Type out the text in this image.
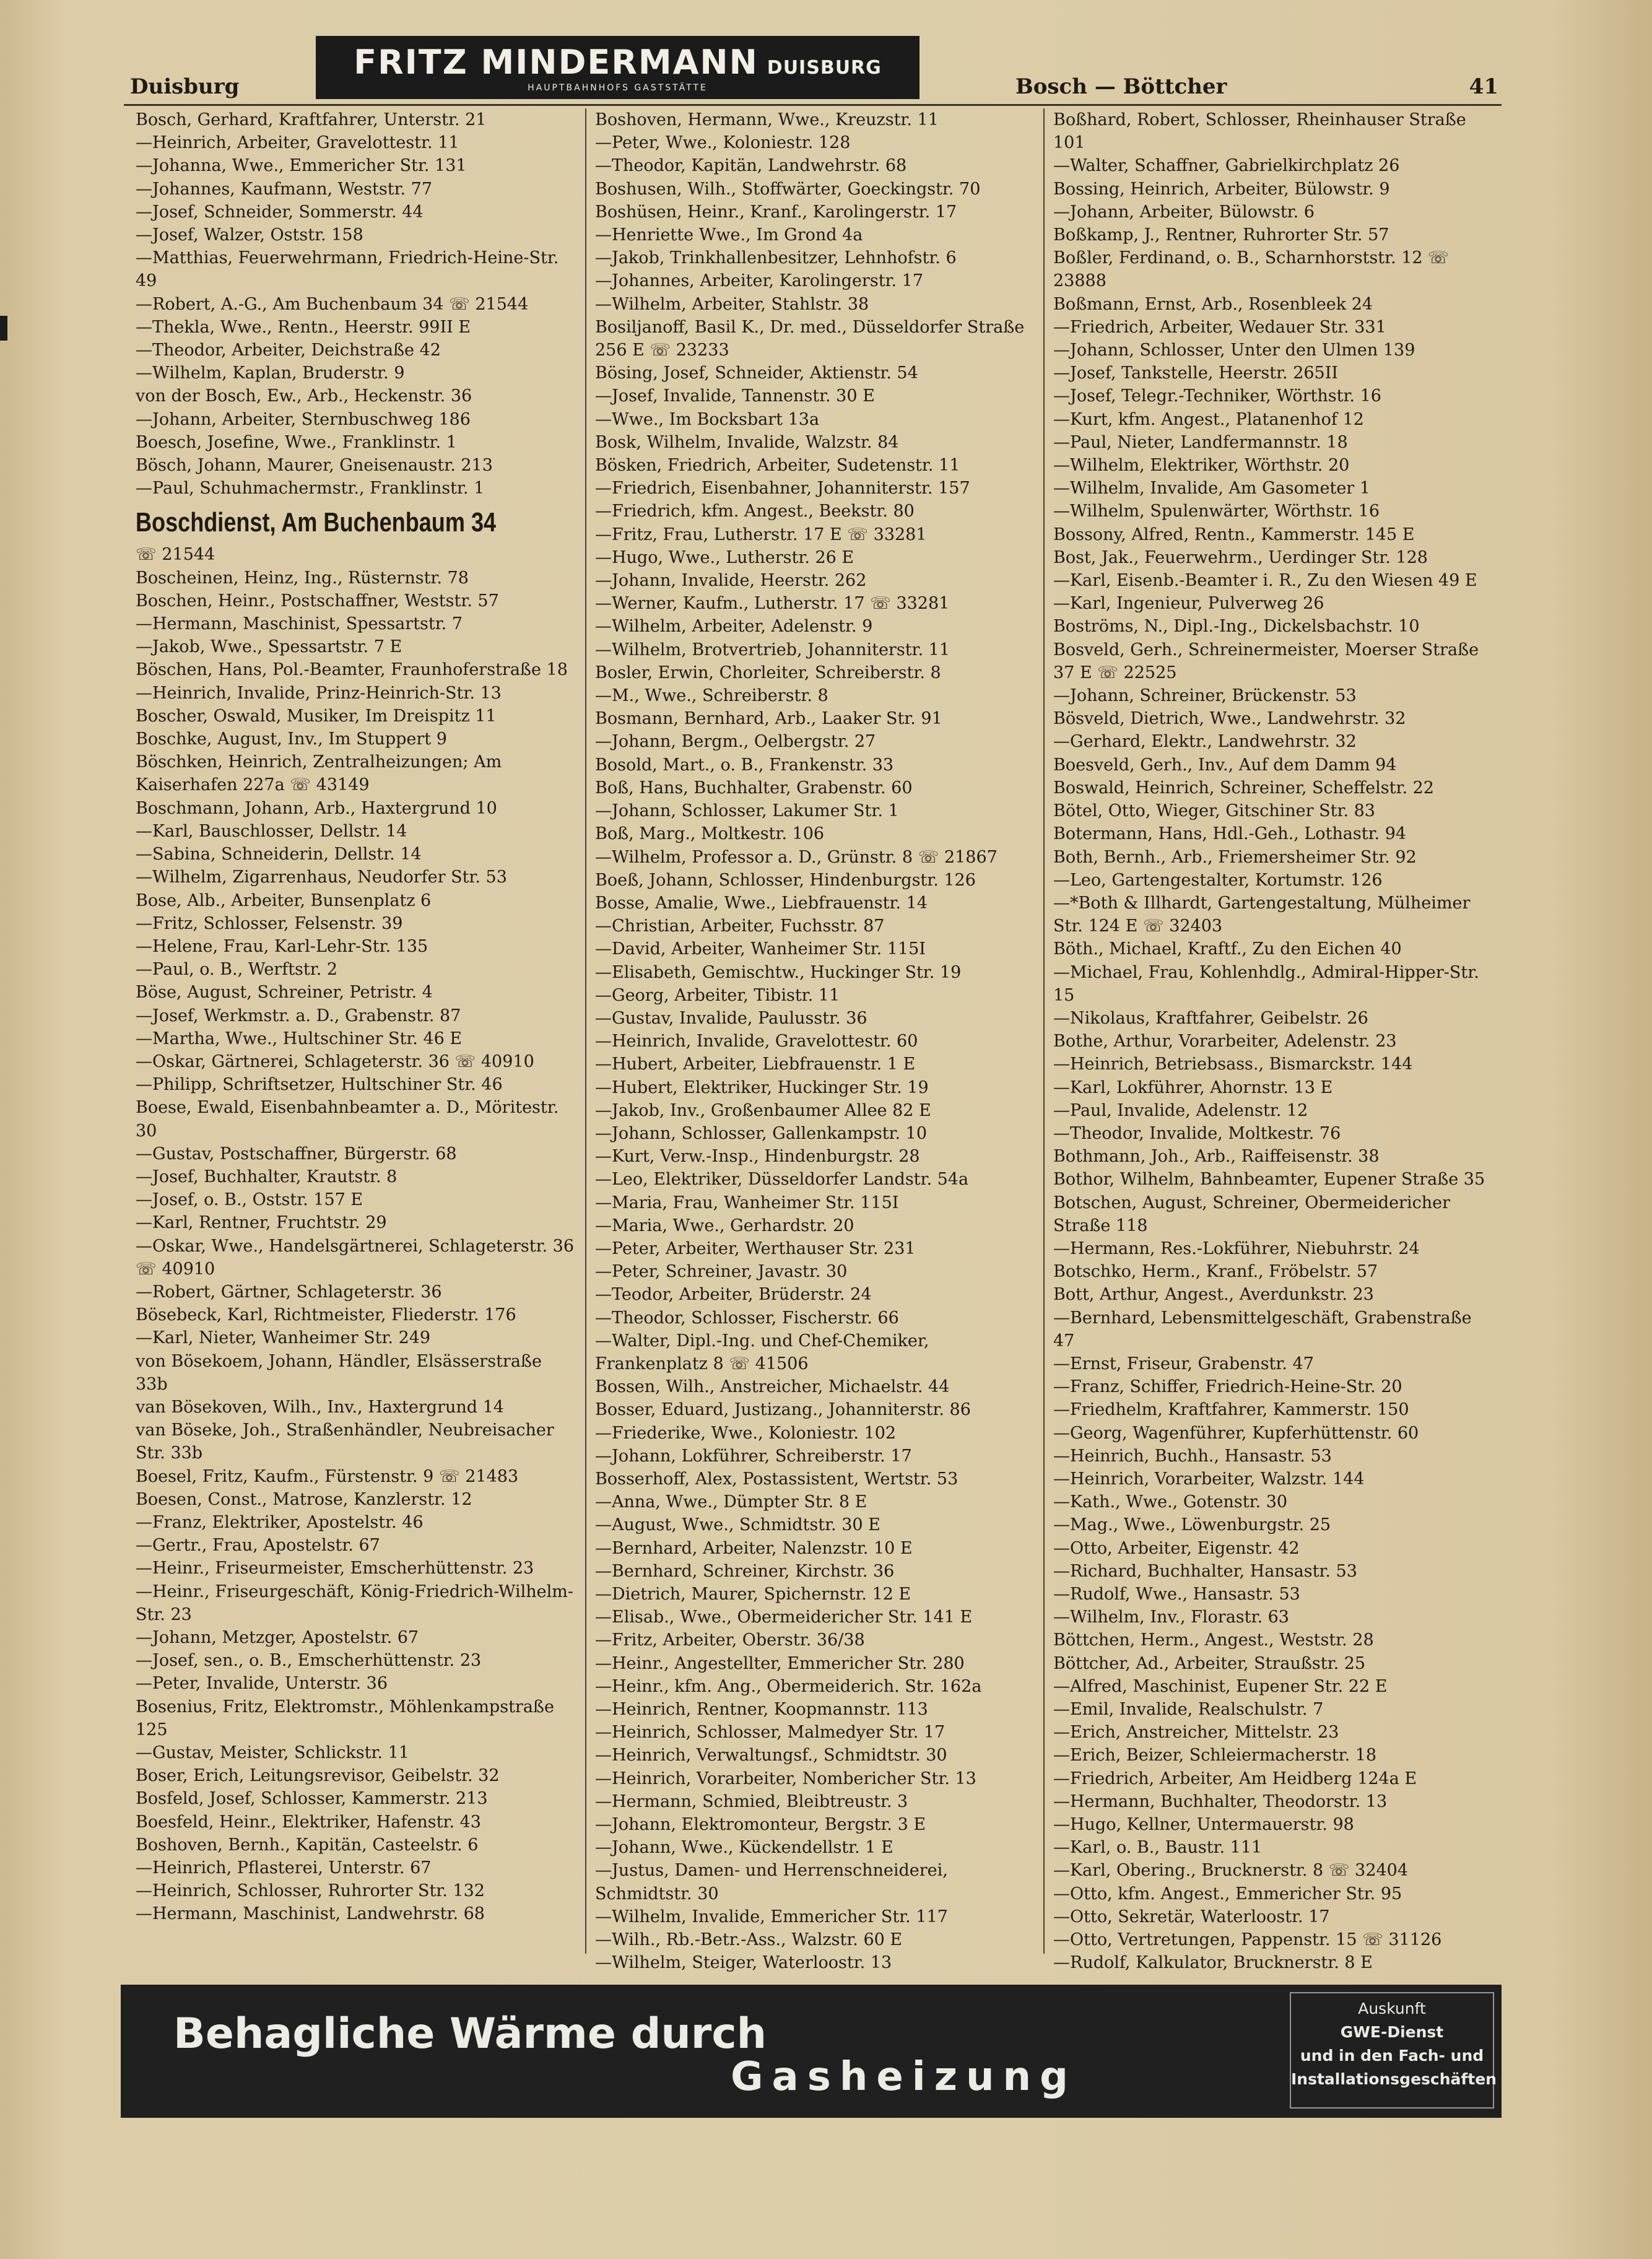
Duisburg
FRITZ MINDERMANN DUISBURG
HAUPTBAHNHOFS GASTSTÄTTE	Bosch — Böttcher	41

Bosch, Gerhard, Kraftfahrer, Unterstr. 21

—Heinrich, Arbeiter, Gravelottestr. 11

—Johanna, Wwe., Emmericher Str. 131

—Johannes, Kaufmann, Weststr. 77

—Josef, Schneider, Sommerstr. 44

—Josef, Walzer, Oststr. 158

—Matthias, Feuerwehrmann, Friedrich-Heine-Str. 49

—Robert, A.-G., Am Buchenbaum 34 ☏ 21544

—Thekla, Wwe., Rentn., Heerstr. 99II E

—Theodor, Arbeiter, Deichstraße 42

—Wilhelm, Kaplan, Bruderstr. 9

von der Bosch, Ew., Arb., Heckenstr. 36

—Johann, Arbeiter, Sternbuschweg 186

Boesch, Josefine, Wwe., Franklinstr. 1

Bösch, Johann, Maurer, Gneisenaustr. 213

—Paul, Schuhmachermstr., Franklinstr. 1

Boschdienst, Am Buchenbaum 34

☏ 21544

Boscheinen, Heinz, Ing., Rüsternstr. 78

Boschen, Heinr., Postschaffner, Weststr. 57

—Hermann, Maschinist, Spessartstr. 7

—Jakob, Wwe., Spessartstr. 7 E

Böschen, Hans, Pol.-Beamter, Fraunhoferstraße 18

—Heinrich, Invalide, Prinz-Heinrich-Str. 13

Boscher, Oswald, Musiker, Im Dreispitz 11

Boschke, August, Inv., Im Stuppert 9

Böschken, Heinrich, Zentralheizungen; Am Kaiserhafen 227a ☏ 43149

Boschmann, Johann, Arb., Haxtergrund 10

—Karl, Bauschlosser, Dellstr. 14

—Sabina, Schneiderin, Dellstr. 14

—Wilhelm, Zigarrenhaus, Neudorfer Str. 53

Bose, Alb., Arbeiter, Bunsenplatz 6

—Fritz, Schlosser, Felsenstr. 39

—Helene, Frau, Karl-Lehr-Str. 135

—Paul, o. B., Werftstr. 2

Böse, August, Schreiner, Petristr. 4

—Josef, Werkmstr. a. D., Grabenstr. 87

—Martha, Wwe., Hultschiner Str. 46 E

—Oskar, Gärtnerei, Schlageterstr. 36 ☏ 40910

—Philipp, Schriftsetzer, Hultschiner Str. 46

Boese, Ewald, Eisenbahnbeamter a. D., Möritestr. 30

—Gustav, Postschaffner, Bürgerstr. 68

—Josef, Buchhalter, Krautstr. 8

—Josef, o. B., Oststr. 157 E

—Karl, Rentner, Fruchtstr. 29

—Oskar, Wwe., Handelsgärtnerei, Schlageterstr. 36 ☏ 40910

—Robert, Gärtner, Schlageterstr. 36

Bösebeck, Karl, Richtmeister, Fliederstr. 176

—Karl, Nieter, Wanheimer Str. 249

von Bösekoem, Johann, Händler, Elsässerstraße 33b

van Bösekoven, Wilh., Inv., Haxtergrund 14

van Böseke, Joh., Straßenhändler, Neubreisacher Str. 33b

Boesel, Fritz, Kaufm., Fürstenstr. 9 ☏ 21483

Boesen, Const., Matrose, Kanzlerstr. 12

—Franz, Elektriker, Apostelstr. 46

—Gertr., Frau, Apostelstr. 67

—Heinr., Friseurmeister, Emscherhüttenstr. 23

—Heinr., Friseurgeschäft, König-Friedrich-Wilhelm-Str. 23

—Johann, Metzger, Apostelstr. 67

—Josef, sen., o. B., Emscherhüttenstr. 23

—Peter, Invalide, Unterstr. 36

Bosenius, Fritz, Elektromstr., Möhlenkampstraße 125

—Gustav, Meister, Schlickstr. 11

Boser, Erich, Leitungsrevisor, Geibelstr. 32

Bosfeld, Josef, Schlosser, Kammerstr. 213

Boesfeld, Heinr., Elektriker, Hafenstr. 43

Boshoven, Bernh., Kapitän, Casteelstr. 6

—Heinrich, Pflasterei, Unterstr. 67

—Heinrich, Schlosser, Ruhrorter Str. 132

—Hermann, Maschinist, Landwehrstr. 68

Boshoven, Hermann, Wwe., Kreuzstr. 11

—Peter, Wwe., Koloniestr. 128

—Theodor, Kapitän, Landwehrstr. 68

Boshusen, Wilh., Stoffwärter, Goeckingstr. 70

Boshüsen, Heinr., Kranf., Karolingerstr. 17

—Henriette Wwe., Im Grond 4a

—Jakob, Trinkhallenbesitzer, Lehnhofstr. 6

—Johannes, Arbeiter, Karolingerstr. 17

—Wilhelm, Arbeiter, Stahlstr. 38

Bosiljanoff, Basil K., Dr. med., Düsseldorfer Straße 256 E ☏ 23233

Bösing, Josef, Schneider, Aktienstr. 54

—Josef, Invalide, Tannenstr. 30 E

—Wwe., Im Bocksbart 13a

Bosk, Wilhelm, Invalide, Walzstr. 84

Bösken, Friedrich, Arbeiter, Sudetenstr. 11

—Friedrich, Eisenbahner, Johanniterstr. 157

—Friedrich, kfm. Angest., Beekstr. 80

—Fritz, Frau, Lutherstr. 17 E ☏ 33281

—Hugo, Wwe., Lutherstr. 26 E

—Johann, Invalide, Heerstr. 262

—Werner, Kaufm., Lutherstr. 17 ☏ 33281

—Wilhelm, Arbeiter, Adelenstr. 9

—Wilhelm, Brotvertrieb, Johanniterstr. 11

Bosler, Erwin, Chorleiter, Schreiberstr. 8

—M., Wwe., Schreiberstr. 8

Bosmann, Bernhard, Arb., Laaker Str. 91

—Johann, Bergm., Oelbergstr. 27

Bosold, Mart., o. B., Frankenstr. 33

Boß, Hans, Buchhalter, Grabenstr. 60

—Johann, Schlosser, Lakumer Str. 1

Boß, Marg., Moltkestr. 106

—Wilhelm, Professor a. D., Grünstr. 8 ☏ 21867

Boeß, Johann, Schlosser, Hindenburgstr. 126

Bosse, Amalie, Wwe., Liebfrauenstr. 14

—Christian, Arbeiter, Fuchsstr. 87

—David, Arbeiter, Wanheimer Str. 115I

—Elisabeth, Gemischtw., Huckinger Str. 19

—Georg, Arbeiter, Tibistr. 11

—Gustav, Invalide, Paulusstr. 36

—Heinrich, Invalide, Gravelottestr. 60

—Hubert, Arbeiter, Liebfrauenstr. 1 E

—Hubert, Elektriker, Huckinger Str. 19

—Jakob, Inv., Großenbaumer Allee 82 E

—Johann, Schlosser, Gallenkampstr. 10

—Kurt, Verw.-Insp., Hindenburgstr. 28

—Leo, Elektriker, Düsseldorfer Landstr. 54a

—Maria, Frau, Wanheimer Str. 115I

—Maria, Wwe., Gerhardstr. 20

—Peter, Arbeiter, Werthauser Str. 231

—Peter, Schreiner, Javastr. 30

—Teodor, Arbeiter, Brüderstr. 24

—Theodor, Schlosser, Fischerstr. 66

—Walter, Dipl.-Ing. und Chef-Chemiker, Frankenplatz 8 ☏ 41506

Bossen, Wilh., Anstreicher, Michaelstr. 44

Bosser, Eduard, Justizang., Johanniterstr. 86

—Friederike, Wwe., Koloniestr. 102

—Johann, Lokführer, Schreiberstr. 17

Bosserhoff, Alex, Postassistent, Wertstr. 53

—Anna, Wwe., Dümpter Str. 8 E

—August, Wwe., Schmidtstr. 30 E

—Bernhard, Arbeiter, Nalenzstr. 10 E

—Bernhard, Schreiner, Kirchstr. 36

—Dietrich, Maurer, Spichernstr. 12 E

—Elisab., Wwe., Obermeidericher Str. 141 E

—Fritz, Arbeiter, Oberstr. 36/38

—Heinr., Angestellter, Emmericher Str. 280

—Heinr., kfm. Ang., Obermeiderich. Str. 162a

—Heinrich, Rentner, Koopmannstr. 113

—Heinrich, Schlosser, Malmedyer Str. 17

—Heinrich, Verwaltungsf., Schmidtstr. 30

—Heinrich, Vorarbeiter, Nombericher Str. 13

—Hermann, Schmied, Bleibtreustr. 3

—Johann, Elektromonteur, Bergstr. 3 E

—Johann, Wwe., Kückendellstr. 1 E

—Justus, Damen- und Herrenschneiderei, Schmidtstr. 30

—Wilhelm, Invalide, Emmericher Str. 117

—Wilh., Rb.-Betr.-Ass., Walzstr. 60 E

—Wilhelm, Steiger, Waterloostr. 13

Boßhard, Robert, Schlosser, Rheinhauser Straße 101

—Walter, Schaffner, Gabrielkirchplatz 26

Bossing, Heinrich, Arbeiter, Bülowstr. 9

—Johann, Arbeiter, Bülowstr. 6

Boßkamp, J., Rentner, Ruhrorter Str. 57

Boßler, Ferdinand, o. B., Scharnhorststr. 12 ☏ 23888

Boßmann, Ernst, Arb., Rosenbleek 24

—Friedrich, Arbeiter, Wedauer Str. 331

—Johann, Schlosser, Unter den Ulmen 139

—Josef, Tankstelle, Heerstr. 265II

—Josef, Telegr.-Techniker, Wörthstr. 16

—Kurt, kfm. Angest., Platanenhof 12

—Paul, Nieter, Landfermannstr. 18

—Wilhelm, Elektriker, Wörthstr. 20

—Wilhelm, Invalide, Am Gasometer 1

—Wilhelm, Spulenwärter, Wörthstr. 16

Bossony, Alfred, Rentn., Kammerstr. 145 E

Bost, Jak., Feuerwehrm., Uerdinger Str. 128

—Karl, Eisenb.-Beamter i. R., Zu den Wiesen 49 E

—Karl, Ingenieur, Pulverweg 26

Boströms, N., Dipl.-Ing., Dickelsbachstr. 10

Bosveld, Gerh., Schreinermeister, Moerser Straße 37 E ☏ 22525

—Johann, Schreiner, Brückenstr. 53

Bösveld, Dietrich, Wwe., Landwehrstr. 32

—Gerhard, Elektr., Landwehrstr. 32

Boesveld, Gerh., Inv., Auf dem Damm 94

Boswald, Heinrich, Schreiner, Scheffelstr. 22

Bötel, Otto, Wieger, Gitschiner Str. 83

Botermann, Hans, Hdl.-Geh., Lothastr. 94

Both, Bernh., Arb., Friemersheimer Str. 92

—Leo, Gartengestalter, Kortumstr. 126

—*Both & Illhardt, Gartengestaltung, Mülheimer Str. 124 E ☏ 32403

Böth., Michael, Kraftf., Zu den Eichen 40

—Michael, Frau, Kohlenhdlg., Admiral-Hipper-Str. 15

—Nikolaus, Kraftfahrer, Geibelstr. 26

Bothe, Arthur, Vorarbeiter, Adelenstr. 23

—Heinrich, Betriebsass., Bismarckstr. 144

—Karl, Lokführer, Ahornstr. 13 E

—Paul, Invalide, Adelenstr. 12

—Theodor, Invalide, Moltkestr. 76

Bothmann, Joh., Arb., Raiffeisenstr. 38

Bothor, Wilhelm, Bahnbeamter, Eupener Straße 35

Botschen, August, Schreiner, Obermeidericher Straße 118

—Hermann, Res.-Lokführer, Niebuhrstr. 24

Botschko, Herm., Kranf., Fröbelstr. 57

Bott, Arthur, Angest., Averdunkstr. 23

—Bernhard, Lebensmittelgeschäft, Grabenstraße 47

—Ernst, Friseur, Grabenstr. 47

—Franz, Schiffer, Friedrich-Heine-Str. 20

—Friedhelm, Kraftfahrer, Kammerstr. 150

—Georg, Wagenführer, Kupferhüttenstr. 60

—Heinrich, Buchh., Hansastr. 53

—Heinrich, Vorarbeiter, Walzstr. 144

—Kath., Wwe., Gotenstr. 30

—Mag., Wwe., Löwenburgstr. 25

—Otto, Arbeiter, Eigenstr. 42

—Richard, Buchhalter, Hansastr. 53

—Rudolf, Wwe., Hansastr. 53

—Wilhelm, Inv., Florastr. 63

Böttchen, Herm., Angest., Weststr. 28

Böttcher, Ad., Arbeiter, Straußstr. 25

—Alfred, Maschinist, Eupener Str. 22 E

—Emil, Invalide, Realschulstr. 7

—Erich, Anstreicher, Mittelstr. 23

—Erich, Beizer, Schleiermacherstr. 18

—Friedrich, Arbeiter, Am Heidberg 124a E

—Hermann, Buchhalter, Theodorstr. 13

—Hugo, Kellner, Untermauerstr. 98

—Karl, o. B., Baustr. 111

—Karl, Obering., Brucknerstr. 8 ☏ 32404

—Otto, kfm. Angest., Emmericher Str. 95

—Otto, Sekretär, Waterloostr. 17

—Otto, Vertretungen, Pappenstr. 15 ☏ 31126

—Rudolf, Kalkulator, Brucknerstr. 8 E

Behagliche Wärme durch
Gasheizung
Auskunft
GWE-Dienst
und in den Fach- und
Installationsgeschäften
